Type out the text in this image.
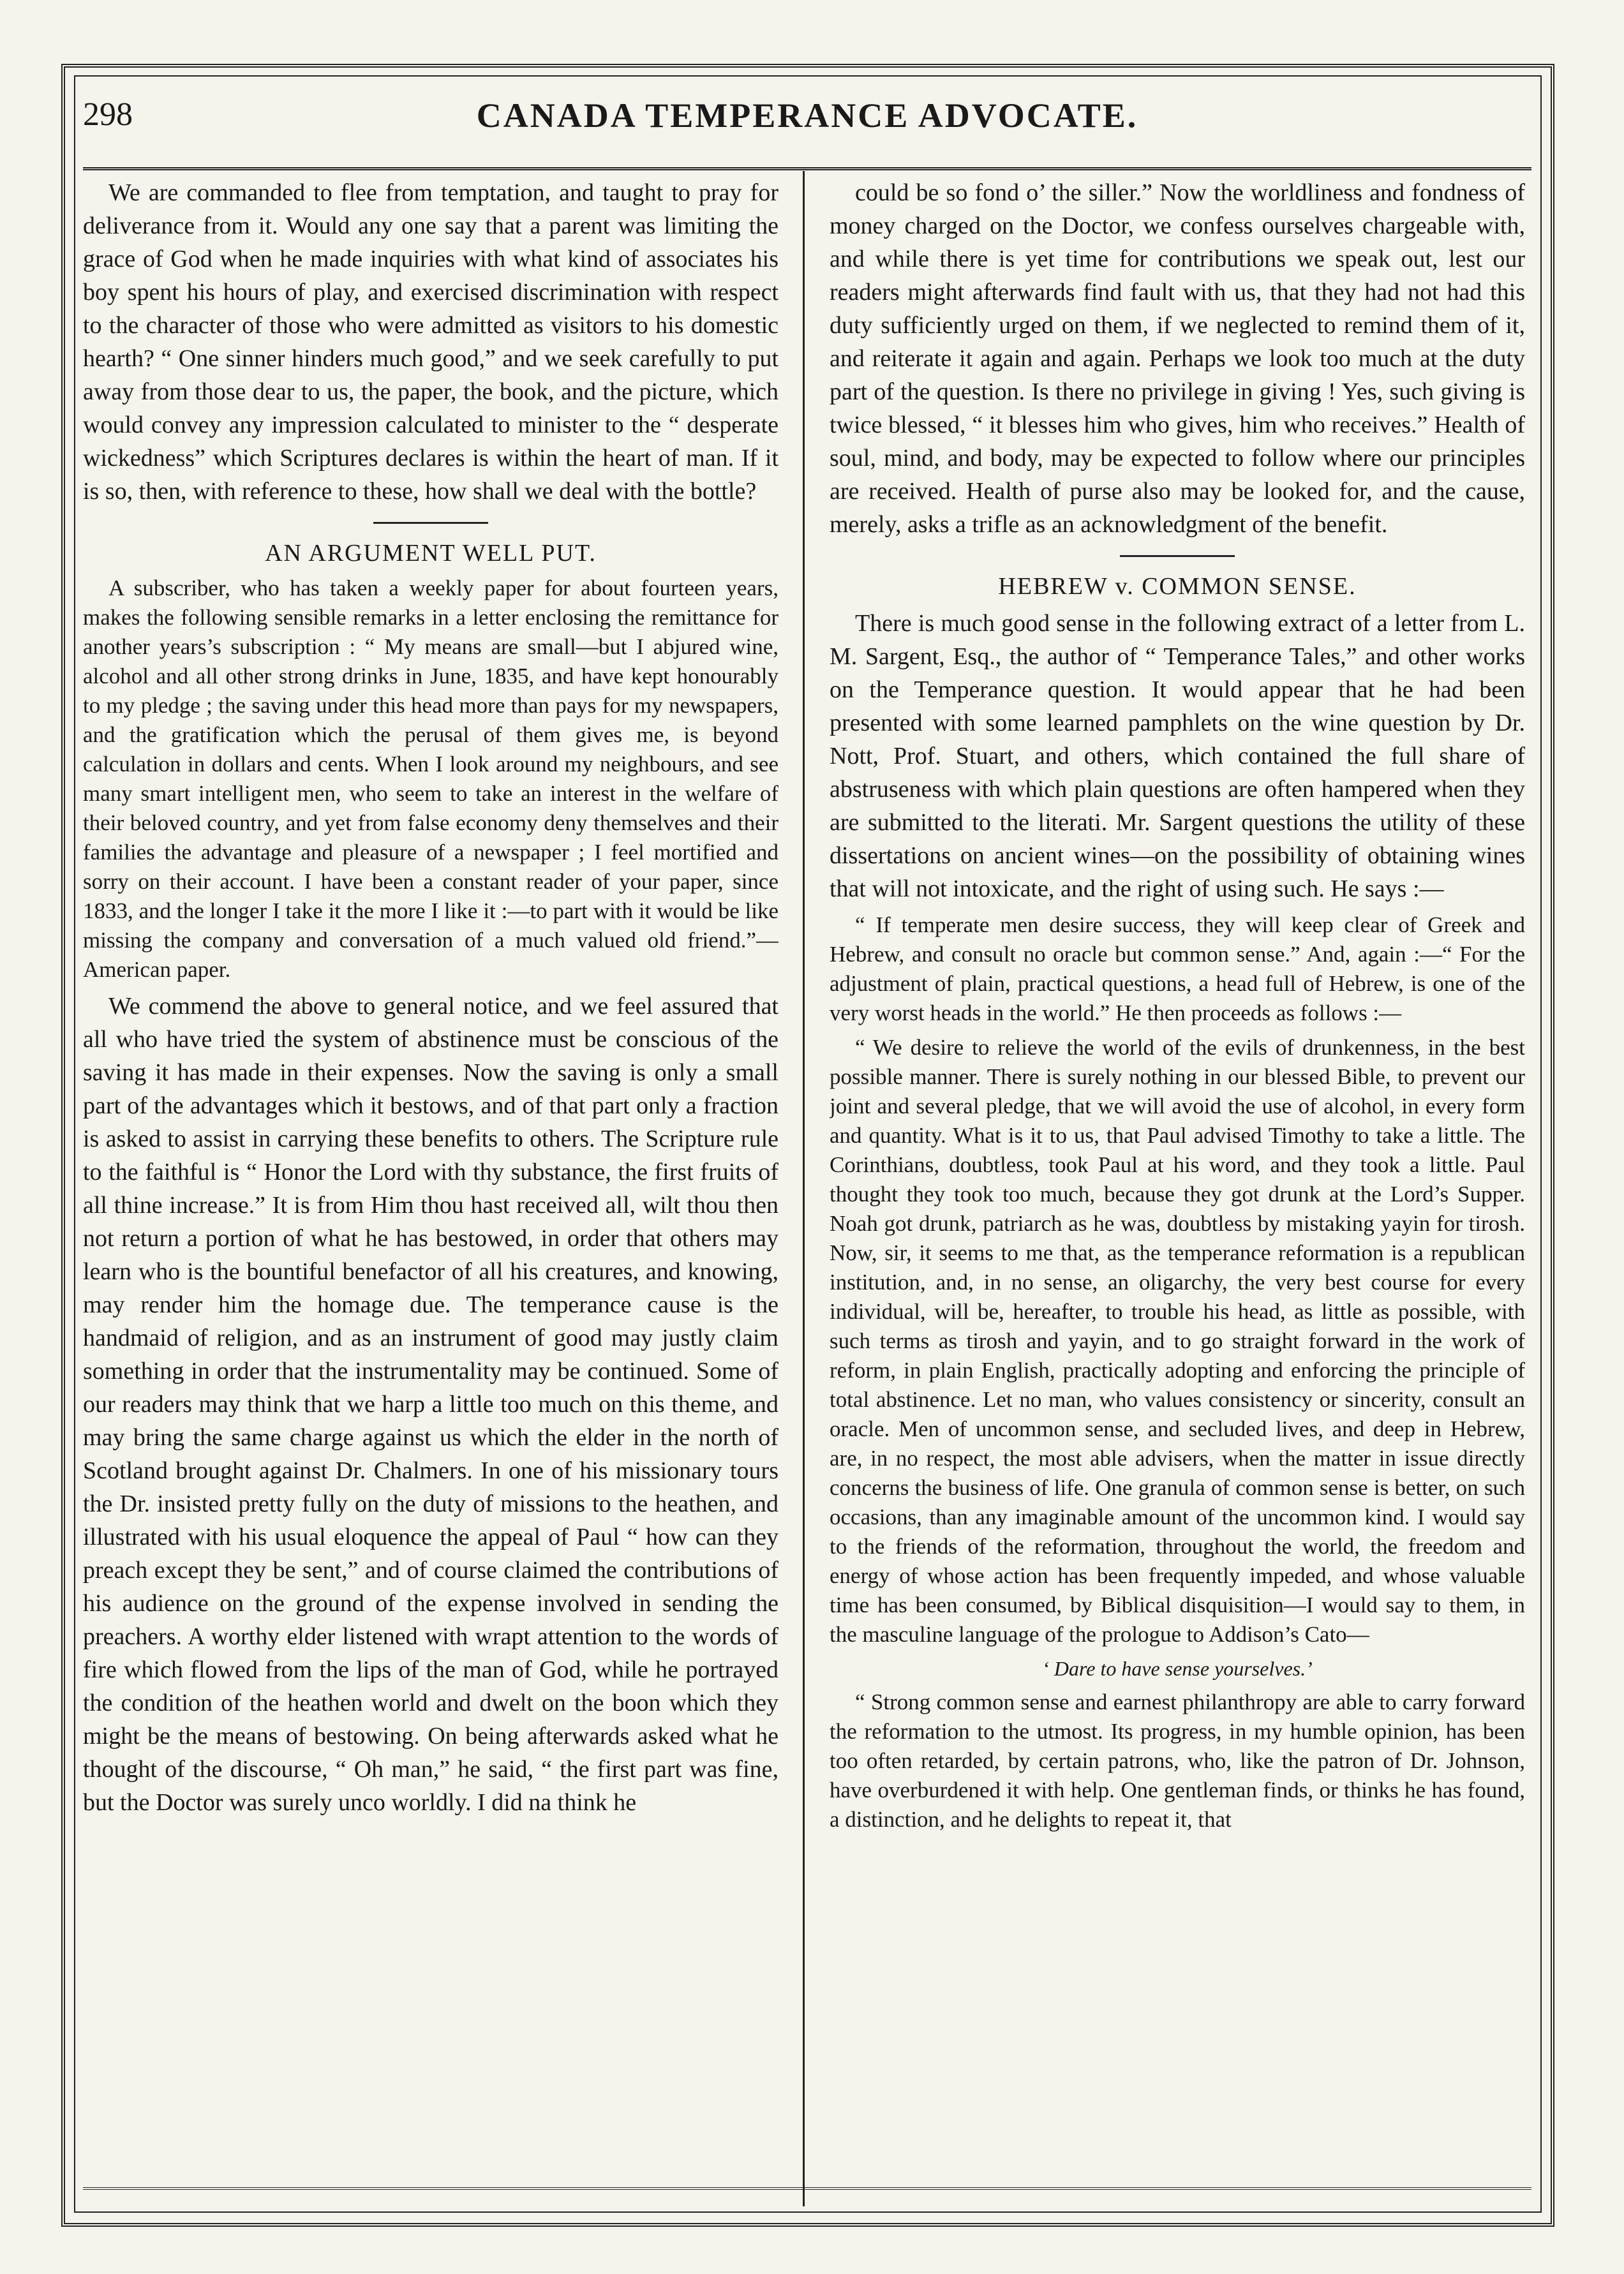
298	CANADA TEMPERANCE ADVOCATE.

We are commanded to flee from temptation, and taught to pray for deliverance from it. Would any one say that a parent was limiting the grace of God when he made inquiries with what kind of associates his boy spent his hours of play, and exercised discrimination with respect to the character of those who were admitted as visitors to his domestic hearth? “ One sinner hinders much good,” and we seek carefully to put away from those dear to us, the paper, the book, and the picture, which would convey any impression calculated to minister to the “ desperate wickedness” which Scriptures declares is within the heart of man. If it is so, then, with reference to these, how shall we deal with the bottle?

AN ARGUMENT WELL PUT.

A subscriber, who has taken a weekly paper for about fourteen years, makes the following sensible remarks in a letter enclosing the remittance for another years’s subscription : “ My means are small—but I abjured wine, alcohol and all other strong drinks in June, 1835, and have kept honourably to my pledge ; the saving under this head more than pays for my newspapers, and the gratification which the perusal of them gives me, is beyond calculation in dollars and cents. When I look around my neighbours, and see many smart intelligent men, who seem to take an interest in the welfare of their beloved country, and yet from false economy deny themselves and their families the advantage and pleasure of a newspaper ; I feel mortified and sorry on their account. I have been a constant reader of your paper, since 1833, and the longer I take it the more I like it :—to part with it would be like missing the company and conversation of a much valued old friend.”—American paper.

We commend the above to general notice, and we feel assured that all who have tried the system of abstinence must be conscious of the saving it has made in their expenses. Now the saving is only a small part of the advantages which it bestows, and of that part only a fraction is asked to assist in carrying these benefits to others. The Scripture rule to the faithful is “ Honor the Lord with thy substance, the first fruits of all thine increase.” It is from Him thou hast received all, wilt thou then not return a portion of what he has bestowed, in order that others may learn who is the bountiful benefactor of all his creatures, and knowing, may render him the homage due. The temperance cause is the handmaid of religion, and as an instrument of good may justly claim something in order that the instrumentality may be continued. Some of our readers may think that we harp a little too much on this theme, and may bring the same charge against us which the elder in the north of Scotland brought against Dr. Chalmers. In one of his missionary tours the Dr. insisted pretty fully on the duty of missions to the heathen, and illustrated with his usual eloquence the appeal of Paul “ how can they preach except they be sent,” and of course claimed the contributions of his audience on the ground of the expense involved in sending the preachers. A worthy elder listened with wrapt attention to the words of fire which flowed from the lips of the man of God, while he portrayed the condition of the heathen world and dwelt on the boon which they might be the means of bestowing. On being afterwards asked what he thought of the discourse, “ Oh man,” he said, “ the first part was fine, but the Doctor was surely unco worldly. I did na think he

could be so fond o’ the siller.” Now the worldliness and fondness of money charged on the Doctor, we confess ourselves chargeable with, and while there is yet time for contributions we speak out, lest our readers might afterwards find fault with us, that they had not had this duty sufficiently urged on them, if we neglected to remind them of it, and reiterate it again and again. Perhaps we look too much at the duty part of the question. Is there no privilege in giving ! Yes, such giving is twice blessed, “ it blesses him who gives, him who receives.” Health of soul, mind, and body, may be expected to follow where our principles are received. Health of purse also may be looked for, and the cause, merely, asks a trifle as an acknowledgment of the benefit.

HEBREW v. COMMON SENSE.

There is much good sense in the following extract of a letter from L. M. Sargent, Esq., the author of “ Temperance Tales,” and other works on the Temperance question. It would appear that he had been presented with some learned pamphlets on the wine question by Dr. Nott, Prof. Stuart, and others, which contained the full share of abstruseness with which plain questions are often hampered when they are submitted to the literati. Mr. Sargent questions the utility of these dissertations on ancient wines—on the possibility of obtaining wines that will not intoxicate, and the right of using such. He says :—

“ If temperate men desire success, they will keep clear of Greek and Hebrew, and consult no oracle but common sense.” And, again :—“ For the adjustment of plain, practical questions, a head full of Hebrew, is one of the very worst heads in the world.” He then proceeds as follows :—

“ We desire to relieve the world of the evils of drunkenness, in the best possible manner. There is surely nothing in our blessed Bible, to prevent our joint and several pledge, that we will avoid the use of alcohol, in every form and quantity. What is it to us, that Paul advised Timothy to take a little. The Corinthians, doubtless, took Paul at his word, and they took a little. Paul thought they took too much, because they got drunk at the Lord’s Supper. Noah got drunk, patriarch as he was, doubtless by mistaking yayin for tirosh. Now, sir, it seems to me that, as the temperance reformation is a republican institution, and, in no sense, an oligarchy, the very best course for every individual, will be, hereafter, to trouble his head, as little as possible, with such terms as tirosh and yayin, and to go straight forward in the work of reform, in plain English, practically adopting and enforcing the principle of total abstinence. Let no man, who values consistency or sincerity, consult an oracle. Men of uncommon sense, and secluded lives, and deep in Hebrew, are, in no respect, the most able advisers, when the matter in issue directly concerns the business of life. One granula of common sense is better, on such occasions, than any imaginable amount of the uncommon kind. I would say to the friends of the reformation, throughout the world, the freedom and energy of whose action has been frequently impeded, and whose valuable time has been consumed, by Biblical disquisition—I would say to them, in the masculine language of the prologue to Addison’s Cato—

‘ Dare to have sense yourselves.’

“ Strong common sense and earnest philanthropy are able to carry forward the reformation to the utmost. Its progress, in my humble opinion, has been too often retarded, by certain patrons, who, like the patron of Dr. Johnson, have overburdened it with help. One gentleman finds, or thinks he has found, a distinction, and he delights to repeat it, that
